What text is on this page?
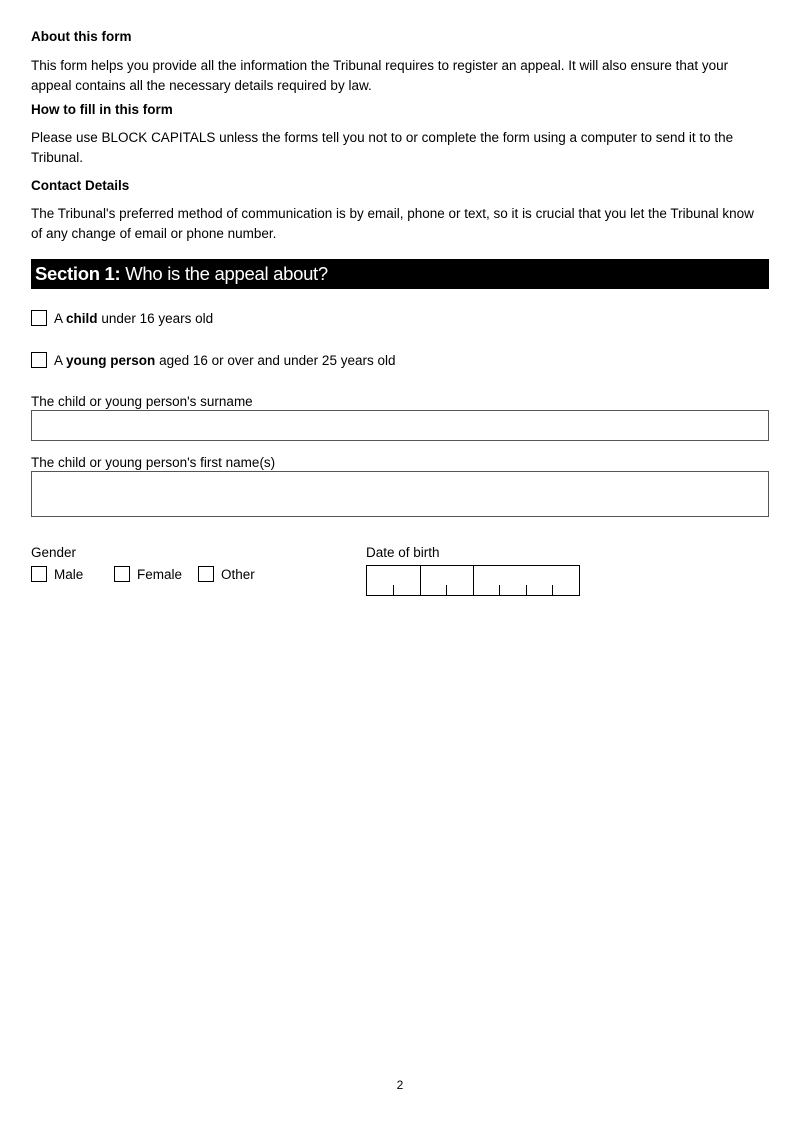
About this form

This form helps you provide all the information the Tribunal requires to register an appeal. It will also ensure that your appeal contains all the necessary details required by law.

How to fill in this form

Please use BLOCK CAPITALS unless the forms tell you not to or complete the form using a computer to send it to the Tribunal.

Contact Details

The Tribunal's preferred method of communication is by email, phone or text, so it is crucial that you let the Tribunal know of any change of email or phone number.

Section 1: Who is the appeal about?
A child under 16 years old
A young person aged 16 or over and under 25 years old
The child or young person's surname
The child or young person's first name(s)
Gender
Male	Female	Other
Date of birth
2
